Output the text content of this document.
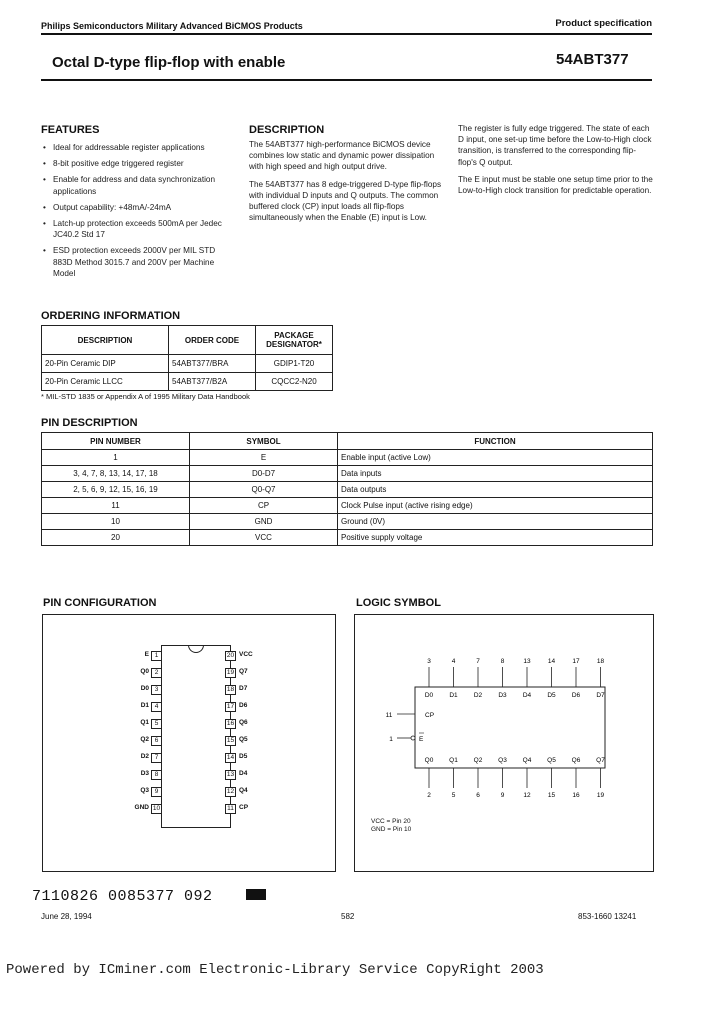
Philips Semiconductors Military Advanced BiCMOS Products	Product specification
Octal D-type flip-flop with enable	54ABT377
FEATURES
• Ideal for addressable register applications
• 8-bit positive edge triggered register
• Enable for address and data synchronization applications
• Output capability: +48mA/-24mA
• Latch-up protection exceeds 500mA per Jedec JC40.2 Std 17
• ESD protection exceeds 2000V per MIL STD 883D Method 3015.7 and 200V per Machine Model
DESCRIPTION

The 54ABT377 high-performance BiCMOS device combines low static and dynamic power dissipation with high speed and high output drive.

The 54ABT377 has 8 edge-triggered D-type flip-flops with individual D inputs and Q outputs. The common buffered clock (CP) input loads all flip-flops simultaneously when the Enable (E) input is Low.

The register is fully edge triggered. The state of each D input, one set-up time before the Low-to-High clock transition, is transferred to the corresponding flip-flop's Q output.

The E input must be stable one setup time prior to the Low-to-High clock transition for predictable operation.

ORDERING INFORMATION
DESCRIPTION	ORDER CODE	PACKAGE DESIGNATOR*
20-Pin Ceramic DIP	54ABT377/BRA	GDIP1-T20
20-Pin Ceramic LLCC	54ABT377/B2A	CQCC2-N20
* MIL-STD 1835 or Appendix A of 1995 Military Data Handbook
PIN DESCRIPTION
PIN NUMBER	SYMBOL	FUNCTION
1	E	Enable input (active Low)
3, 4, 7, 8, 13, 14, 17, 18	D0-D7	Data inputs
2, 5, 6, 9, 12, 15, 16, 19	Q0-Q7	Data outputs
11	CP	Clock Pulse input (active rising edge)
10	GND	Ground (0V)
20	VCC	Positive supply voltage
PIN CONFIGURATION
E 1
Q0 2
D0 3
D1 4
Q1 5
Q2 6
D2 7
D3 8
Q3 9
GND 10
20 VCC
19 Q7
18 D7
17 D6
16 Q6
15 Q5
14 D5
13 D4
12 Q4
11 CP
LOGIC SYMBOL
3
D0
Q0
2
4
D1
Q1
5
7
D2
Q2
6
8
D3
Q3
9
13
D4
Q4
12
14
D5
Q5
15
17
D6
Q6
16
18
D7
Q7
19
11	CP
1	E
VCC = Pin 20
GND = Pin 10
7110826 0085377 092
June 28, 1994	582	853-1660 13241
Powered by ICminer.com Electronic-Library Service CopyRight 2003
